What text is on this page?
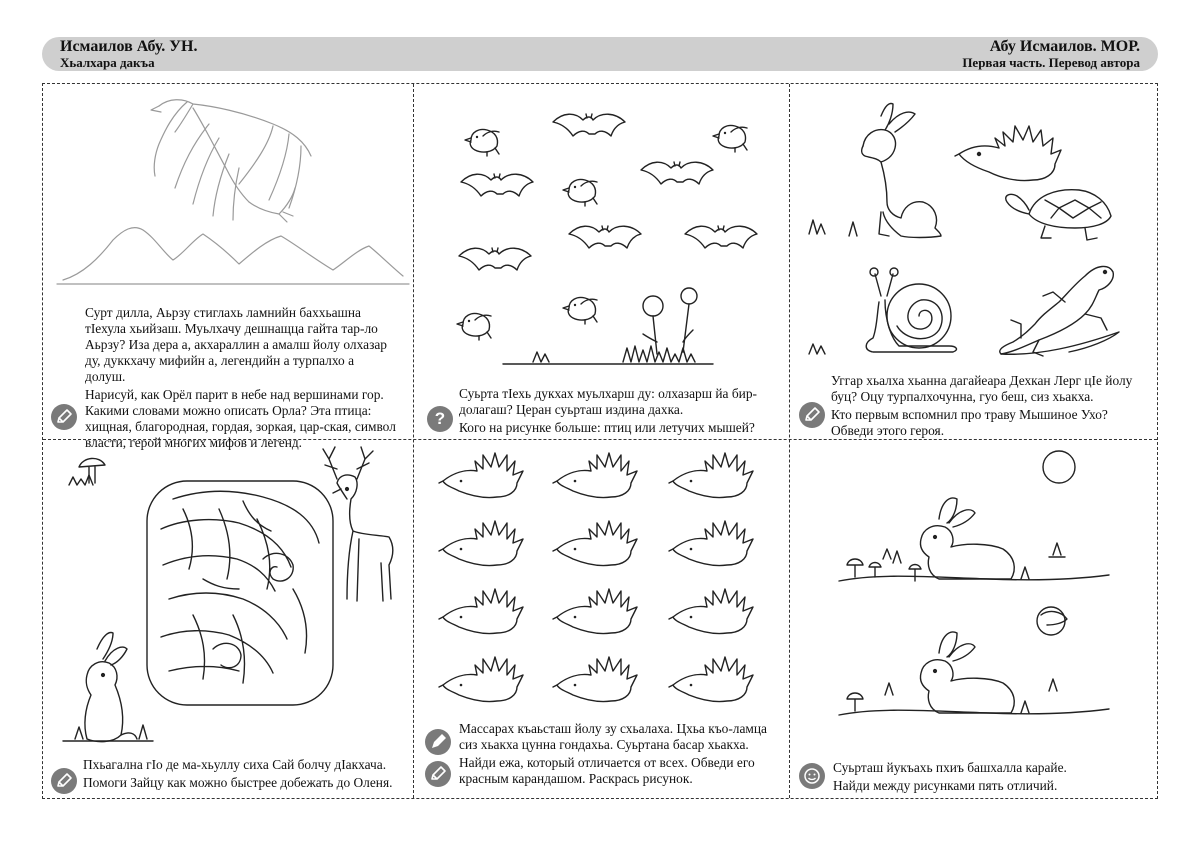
Исмаилов Абу. УН.
Хьалхара дакъа
Абу Исмаилов. МОР.
Первая часть. Перевод автора

Сурт дилла, Аьрзу стиглахь ламнийн баххьашна тӀехула хьийзаш. Муьлхачу дешнащца гайта тар-ло Аьрзу? Иза дера а, акхараллин а амалш йолу олхазар ду, дуккхачу мифийн а, легендийн а турпалхо а долуш.

Нарисуй, как Орёл парит в небе над вершинами гор. Какими словами можно описать Орла? Эта птица: хищная, благородная, гордая, зоркая, цар-ская, символ власти, герой многих мифов и легенд.

?

Суьрта тӀехь дукхах муьлхарш ду: олхазарш йа бир-долагаш? Церан суьрташ издина дахка.

Кого на рисунке больше: птиц или летучих мышей?

Уггар хьалха хьанна дагайеара Дехкан Лерг цӀе йолу буц? Оцу турпалхочунна, гуо беш, сиз хьакха.

Кто первым вспомнил про траву Мышиное Ухо? Обведи этого героя.

Пхьагална гӀо де ма-хьуллу сиха Сай болчу дӀакхача.

Помоги Зайцу как можно быстрее добежать до Оленя.

Массарах къаьсташ йолу зу схьалаха. Цхьа къо-ламца сиз хьакха цунна гондахьа. Суьртана басар хьакха.

Найди ежа, который отличается от всех. Обведи его красным карандашом. Раскрась рисунок.

Суьрташ йукъахь пхиъ башхалла карайе.

Найди между рисунками пять отличий.
